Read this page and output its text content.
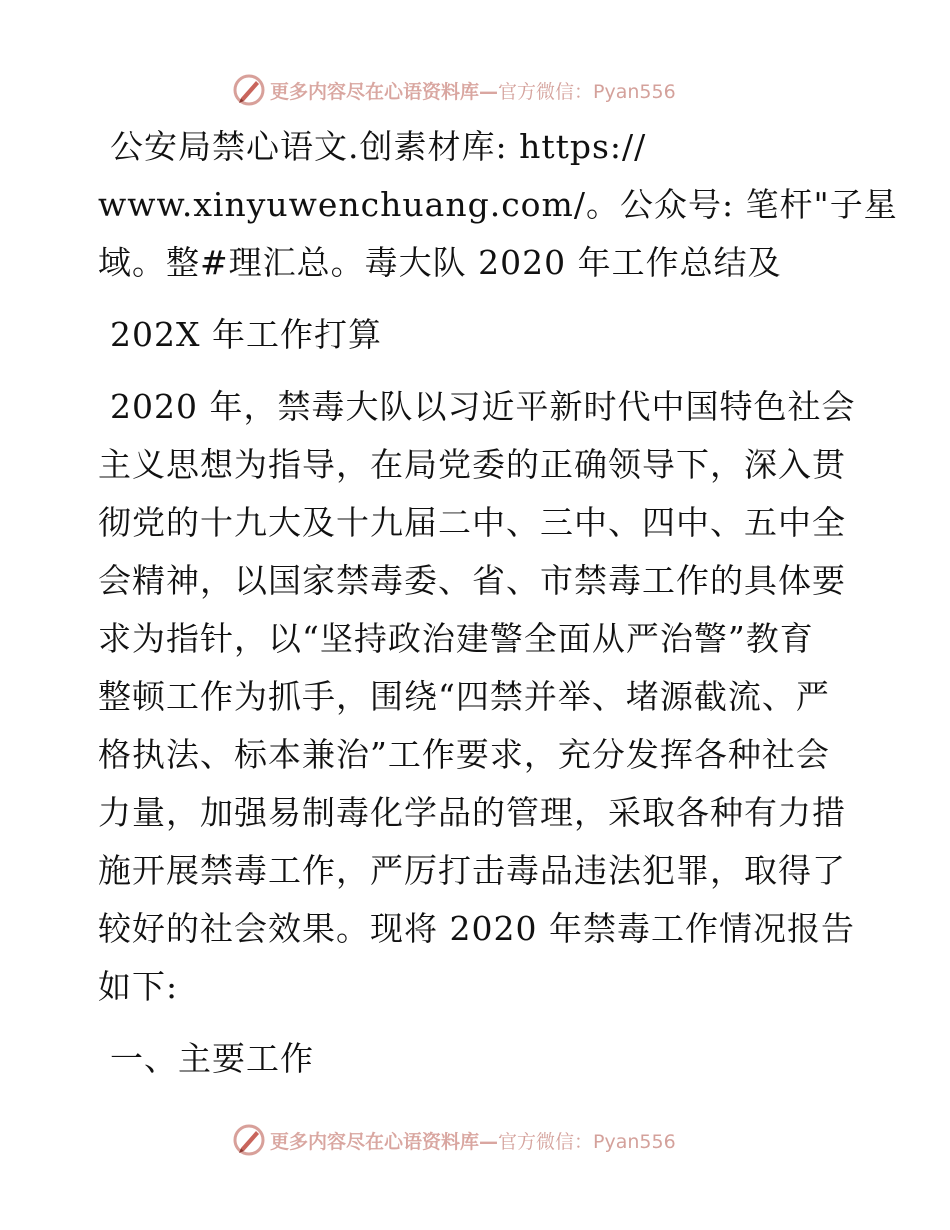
更多内容尽在心语资料库— 官方微信：Pyan556
公安局禁心语文.创素材库: https://
www.xinyuwenchuang.com/。公众号: 笔杆"子星
域。整#理汇总。毒大队 2020 年工作总结及
202X 年工作打算
2020 年，禁毒大队以习近平新时代中国特色社会
主义思想为指导，在局党委的正确领导下，深入贯
彻党的十九大及十九届二中、三中、四中、五中全
会精神，以国家禁毒委、省、市禁毒工作的具体要
求为指针，以“坚持政治建警全面从严治警”教育
整顿工作为抓手，围绕“四禁并举、堵源截流、严
格执法、标本兼治”工作要求，充分发挥各种社会
力量，加强易制毒化学品的管理，采取各种有力措
施开展禁毒工作，严厉打击毒品违法犯罪，取得了
较好的社会效果。现将 2020 年禁毒工作情况报告
如下:
一、主要工作
更多内容尽在心语资料库— 官方微信：Pyan556
